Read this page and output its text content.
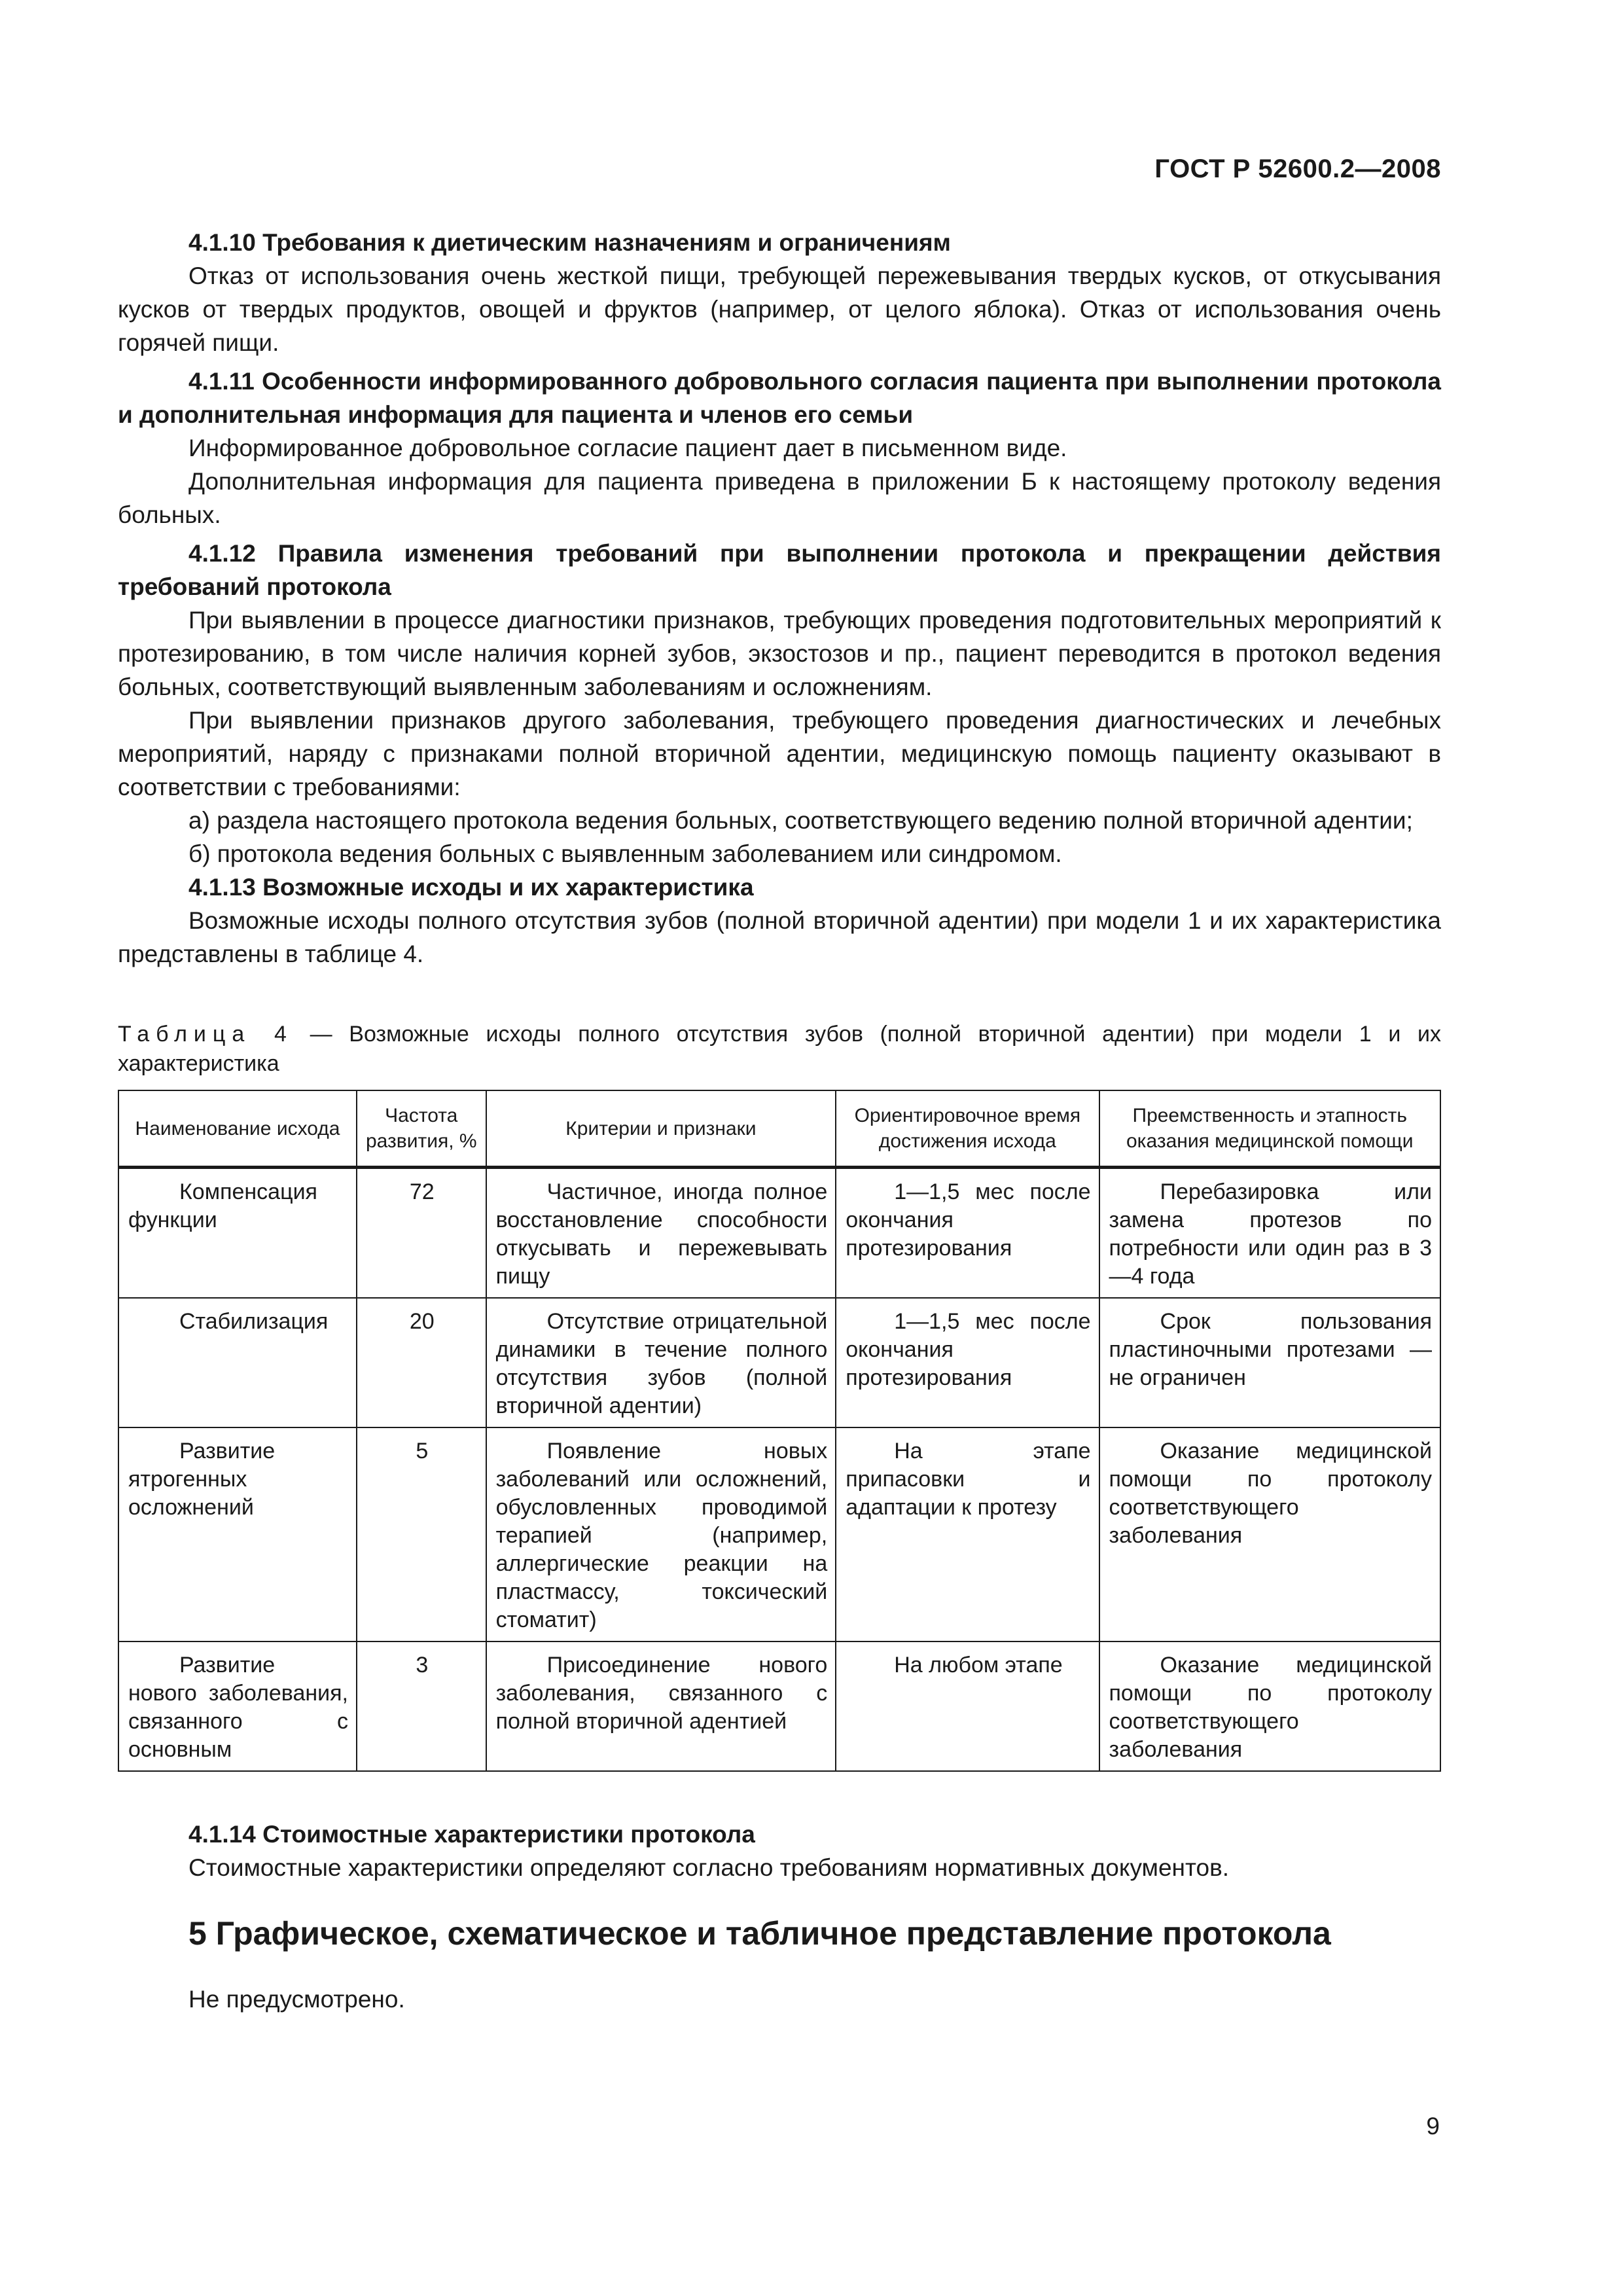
ГОСТ Р 52600.2—2008

4.1.10 Требования к диетическим назначениям и ограничениям

Отказ от использования очень жесткой пищи, требующей пережевывания твердых кусков, от откусывания кусков от твердых продуктов, овощей и фруктов (например, от целого яблока). Отказ от использования очень горячей пищи.

4.1.11 Особенности информированного добровольного согласия пациента при выполнении протокола и дополнительная информация для пациента и членов его семьи

Информированное добровольное согласие пациент дает в письменном виде.

Дополнительная информация для пациента приведена в приложении Б к настоящему протоколу ведения больных.

4.1.12 Правила изменения требований при выполнении протокола и прекращении действия требований протокола

При выявлении в процессе диагностики признаков, требующих проведения подготовительных мероприятий к протезированию, в том числе наличия корней зубов, экзостозов и пр., пациент переводится в протокол ведения больных, соответствующий выявленным заболеваниям и осложнениям.

При выявлении признаков другого заболевания, требующего проведения диагностических и лечебных мероприятий, наряду с признаками полной вторичной адентии, медицинскую помощь пациенту оказывают в соответствии с требованиями:

а) раздела настоящего протокола ведения больных, соответствующего ведению полной вторичной адентии;

б) протокола ведения больных с выявленным заболеванием или синдромом.

4.1.13 Возможные исходы и их характеристика

Возможные исходы полного отсутствия зубов (полной вторичной адентии) при модели 1 и их характеристика представлены в таблице 4.

Таблица 4 — Возможные исходы полного отсутствия зубов (полной вторичной адентии) при модели 1 и их характеристика

Наименование исхода	Частота развития, %	Критерии и признаки	Ориентировочное время достижения исхода	Преемственность и этапность оказания медицинской помощи
Компенсация функции	72	Частичное, иногда полное восстановление способности откусывать и пережевывать пищу	1—1,5 мес после окончания протезирования	Перебазировка или замена протезов по потребности или один раз в 3—4 года
Стабилизация	20	Отсутствие отрицательной динамики в течение полного отсутствия зубов (полной вторичной адентии)	1—1,5 мес после окончания протезирования	Срок пользования пластиночными протезами — не ограничен
Развитие ятрогенных осложнений	5	Появление новых заболеваний или осложнений, обусловленных проводимой терапией (например, аллергические реакции на пластмассу, токсический стоматит)	На этапе припасовки и адаптации к протезу	Оказание медицинской помощи по протоколу соответствующего заболевания
Развитие нового заболевания, связанного с основным	3	Присоединение нового заболевания, связанного с полной вторичной адентией	На любом этапе	Оказание медицинской помощи по протоколу соответствующего заболевания

4.1.14 Стоимостные характеристики протокола

Стоимостные характеристики определяют согласно требованиям нормативных документов.

5 Графическое, схематическое и табличное представление протокола

Не предусмотрено.

9
